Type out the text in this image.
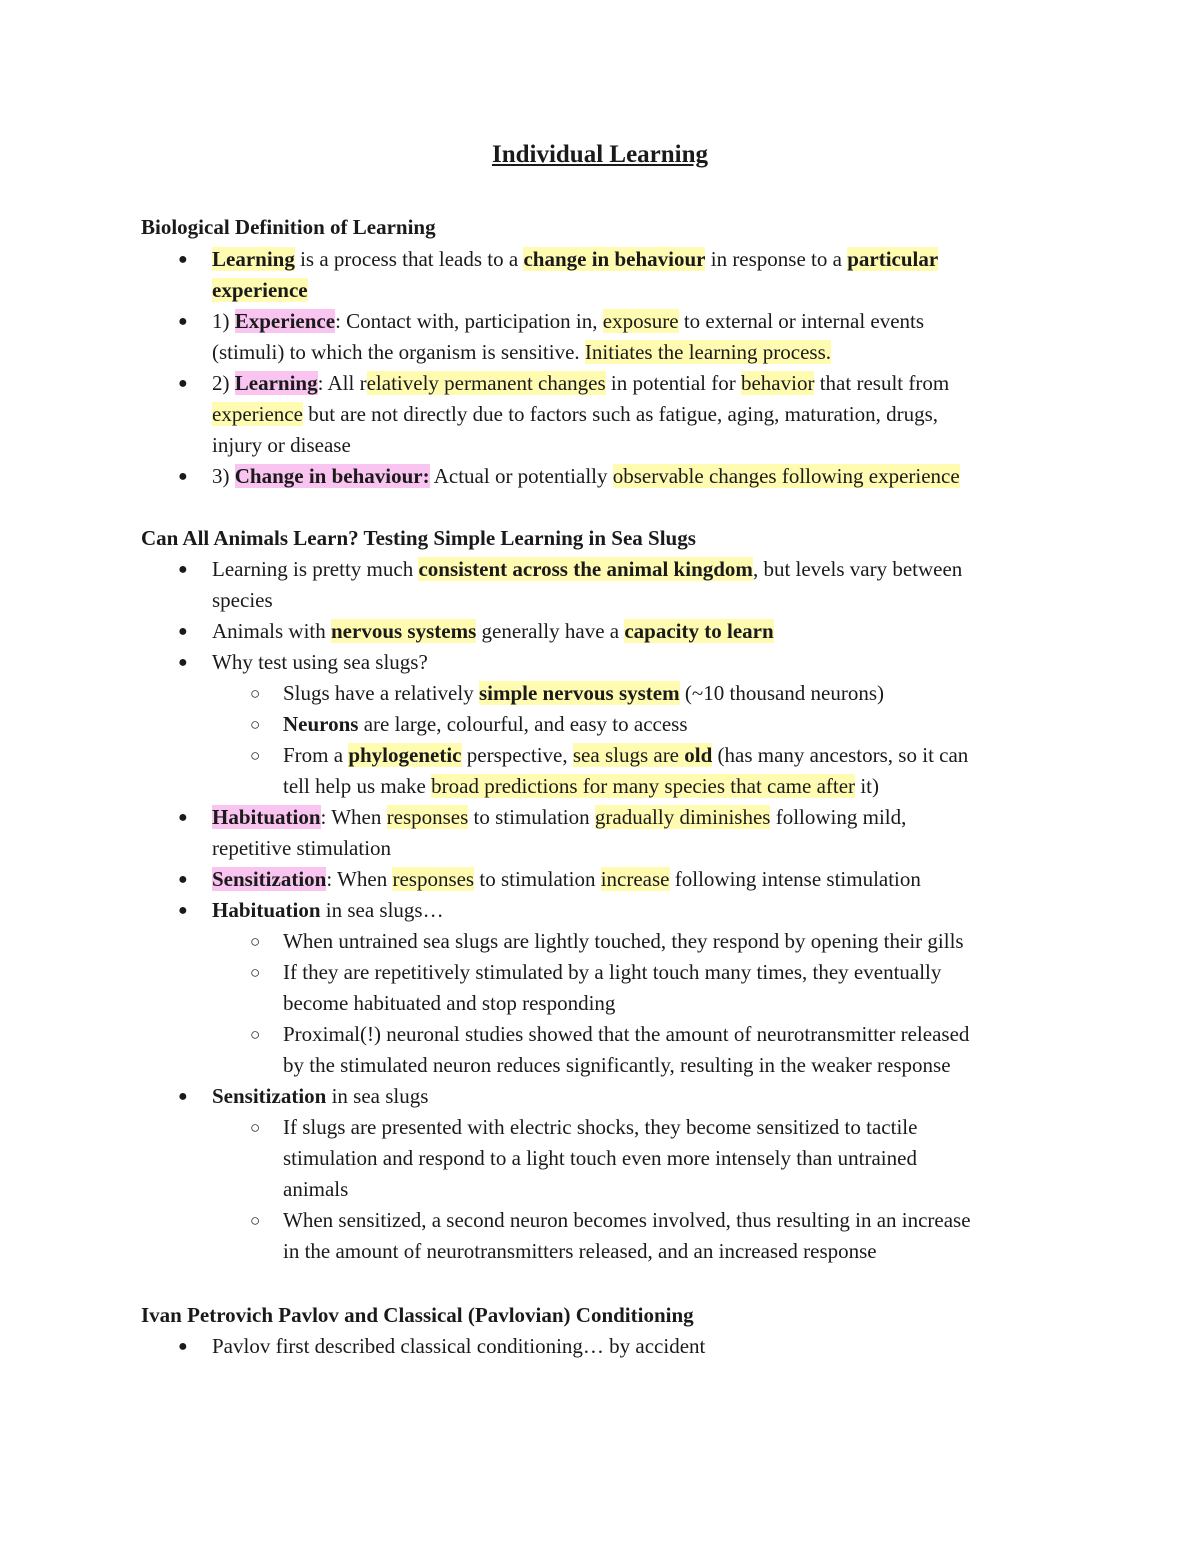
Individual Learning
Biological Definition of Learning
● Learning is a process that leads to a change in behaviour in response to a particular
experience
● 1) Experience: Contact with, participation in, exposure to external or internal events
(stimuli) to which the organism is sensitive. Initiates the learning process.
● 2) Learning: All relatively permanent changes in potential for behavior that result from
experience but are not directly due to factors such as fatigue, aging, maturation, drugs,
injury or disease
● 3) Change in behaviour: Actual or potentially observable changes following experience
Can All Animals Learn? Testing Simple Learning in Sea Slugs
● Learning is pretty much consistent across the animal kingdom, but levels vary between
species
● Animals with nervous systems generally have a capacity to learn
● Why test using sea slugs?
○ Slugs have a relatively simple nervous system (~10 thousand neurons)
○ Neurons are large, colourful, and easy to access
○ From a phylogenetic perspective, sea slugs are old (has many ancestors, so it can
tell help us make broad predictions for many species that came after it)
● Habituation: When responses to stimulation gradually diminishes following mild,
repetitive stimulation
● Sensitization: When responses to stimulation increase following intense stimulation
● Habituation in sea slugs…
○ When untrained sea slugs are lightly touched, they respond by opening their gills
○ If they are repetitively stimulated by a light touch many times, they eventually
become habituated and stop responding
○ Proximal(!) neuronal studies showed that the amount of neurotransmitter released
by the stimulated neuron reduces significantly, resulting in the weaker response
● Sensitization in sea slugs
○ If slugs are presented with electric shocks, they become sensitized to tactile
stimulation and respond to a light touch even more intensely than untrained
animals
○ When sensitized, a second neuron becomes involved, thus resulting in an increase
in the amount of neurotransmitters released, and an increased response
Ivan Petrovich Pavlov and Classical (Pavlovian) Conditioning
● Pavlov first described classical conditioning… by accident
